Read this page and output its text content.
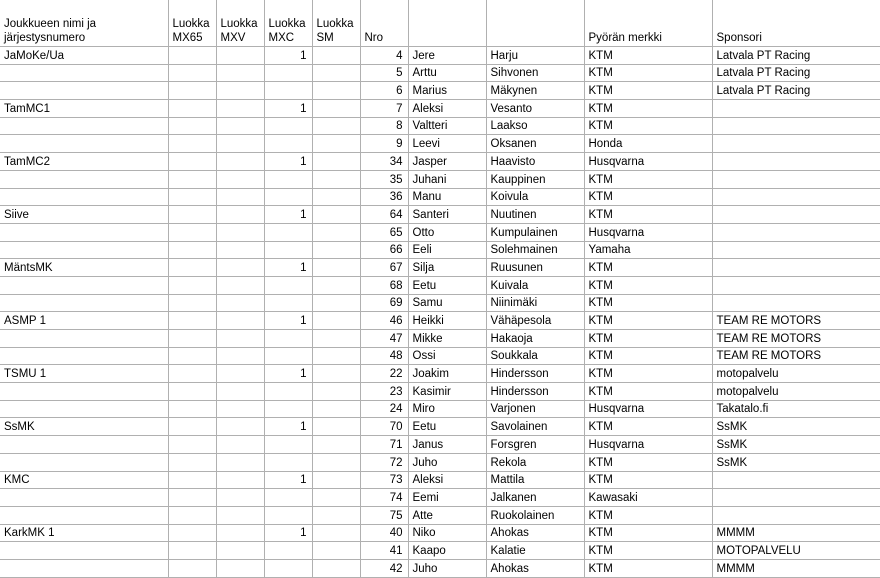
Joukkueen nimi ja järjestysnumero	Luokka MX65	Luokka MXV	Luokka MXC	Luokka SM	Nro			Pyörän merkki	Sponsori
JaMoKe/Ua			1		4	Jere	Harju	KTM	Latvala PT Racing
					5	Arttu	Sihvonen	KTM	Latvala PT Racing
					6	Marius	Mäkynen	KTM	Latvala PT Racing
TamMC1			1		7	Aleksi	Vesanto	KTM	
					8	Valtteri	Laakso	KTM	
					9	Leevi	Oksanen	Honda	
TamMC2			1		34	Jasper	Haavisto	Husqvarna	
					35	Juhani	Kauppinen	KTM	
					36	Manu	Koivula	KTM	
Siive			1		64	Santeri	Nuutinen	KTM	
					65	Otto	Kumpulainen	Husqvarna	
					66	Eeli	Solehmainen	Yamaha	
MäntsMK			1		67	Silja	Ruusunen	KTM	
					68	Eetu	Kuivala	KTM	
					69	Samu	Niinimäki	KTM	
ASMP 1			1		46	Heikki	Vähäpesola	KTM	TEAM RE MOTORS
					47	Mikke	Hakaoja	KTM	TEAM RE MOTORS
					48	Ossi	Soukkala	KTM	TEAM RE MOTORS
TSMU 1			1		22	Joakim	Hindersson	KTM	motopalvelu
					23	Kasimir	Hindersson	KTM	motopalvelu
					24	Miro	Varjonen	Husqvarna	Takatalo.fi
SsMK			1		70	Eetu	Savolainen	KTM	SsMK
					71	Janus	Forsgren	Husqvarna	SsMK
					72	Juho	Rekola	KTM	SsMK
KMC			1		73	Aleksi	Mattila	KTM	
					74	Eemi	Jalkanen	Kawasaki	
					75	Atte	Ruokolainen	KTM	
KarkMK 1			1		40	Niko	Ahokas	KTM	MMMM
					41	Kaapo	Kalatie	KTM	MOTOPALVELU
					42	Juho	Ahokas	KTM	MMMM
